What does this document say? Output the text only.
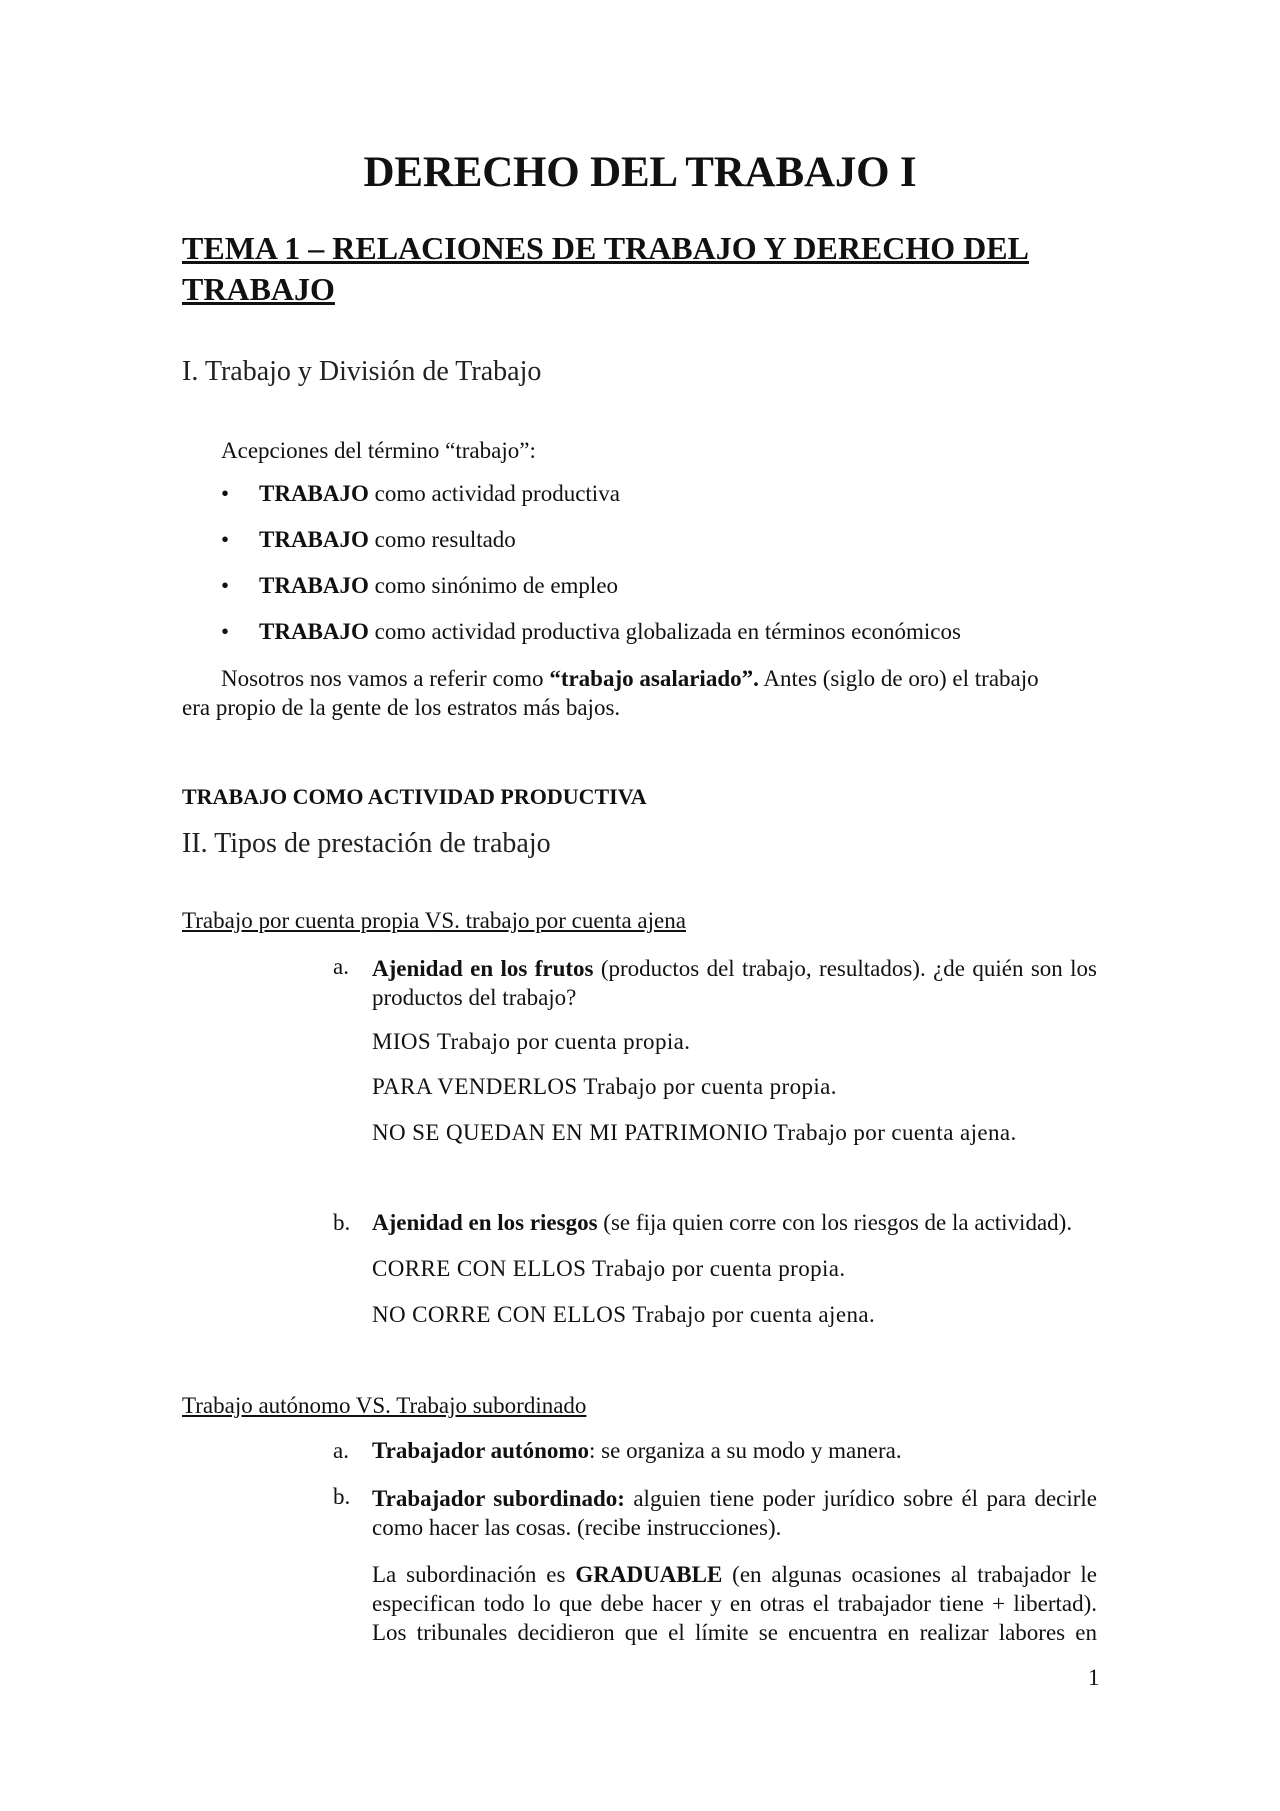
DERECHO DEL TRABAJO I
TEMA 1 – RELACIONES DE TRABAJO Y DERECHO DEL TRABAJO
I. Trabajo y División de Trabajo
Acepciones del término “trabajo”:
• TRABAJO como actividad productiva
• TRABAJO como resultado
• TRABAJO como sinónimo de empleo
• TRABAJO como actividad productiva globalizada en términos económicos
Nosotros nos vamos a referir como “trabajo asalariado”. Antes (siglo de oro) el trabajo
era propio de la gente de los estratos más bajos.
TRABAJO COMO ACTIVIDAD PRODUCTIVA
II. Tipos de prestación de trabajo
Trabajo por cuenta propia VS. trabajo por cuenta ajena
a. Ajenidad en los frutos (productos del trabajo, resultados). ¿de quién son los productos del trabajo?
MIOS Trabajo por cuenta propia.
PARA VENDERLOS Trabajo por cuenta propia.
NO SE QUEDAN EN MI PATRIMONIO Trabajo por cuenta ajena.
b. Ajenidad en los riesgos (se fija quien corre con los riesgos de la actividad).
CORRE CON ELLOS Trabajo por cuenta propia.
NO CORRE CON ELLOS Trabajo por cuenta ajena.
Trabajo autónomo VS. Trabajo subordinado
a. Trabajador autónomo: se organiza a su modo y manera.
b. Trabajador subordinado: alguien tiene poder jurídico sobre él para decirle como hacer las cosas. (recibe instrucciones).
La subordinación es GRADUABLE (en algunas ocasiones al trabajador le especifican todo lo que debe hacer y en otras el trabajador tiene + libertad). Los tribunales decidieron que el límite se encuentra en realizar labores en
1
